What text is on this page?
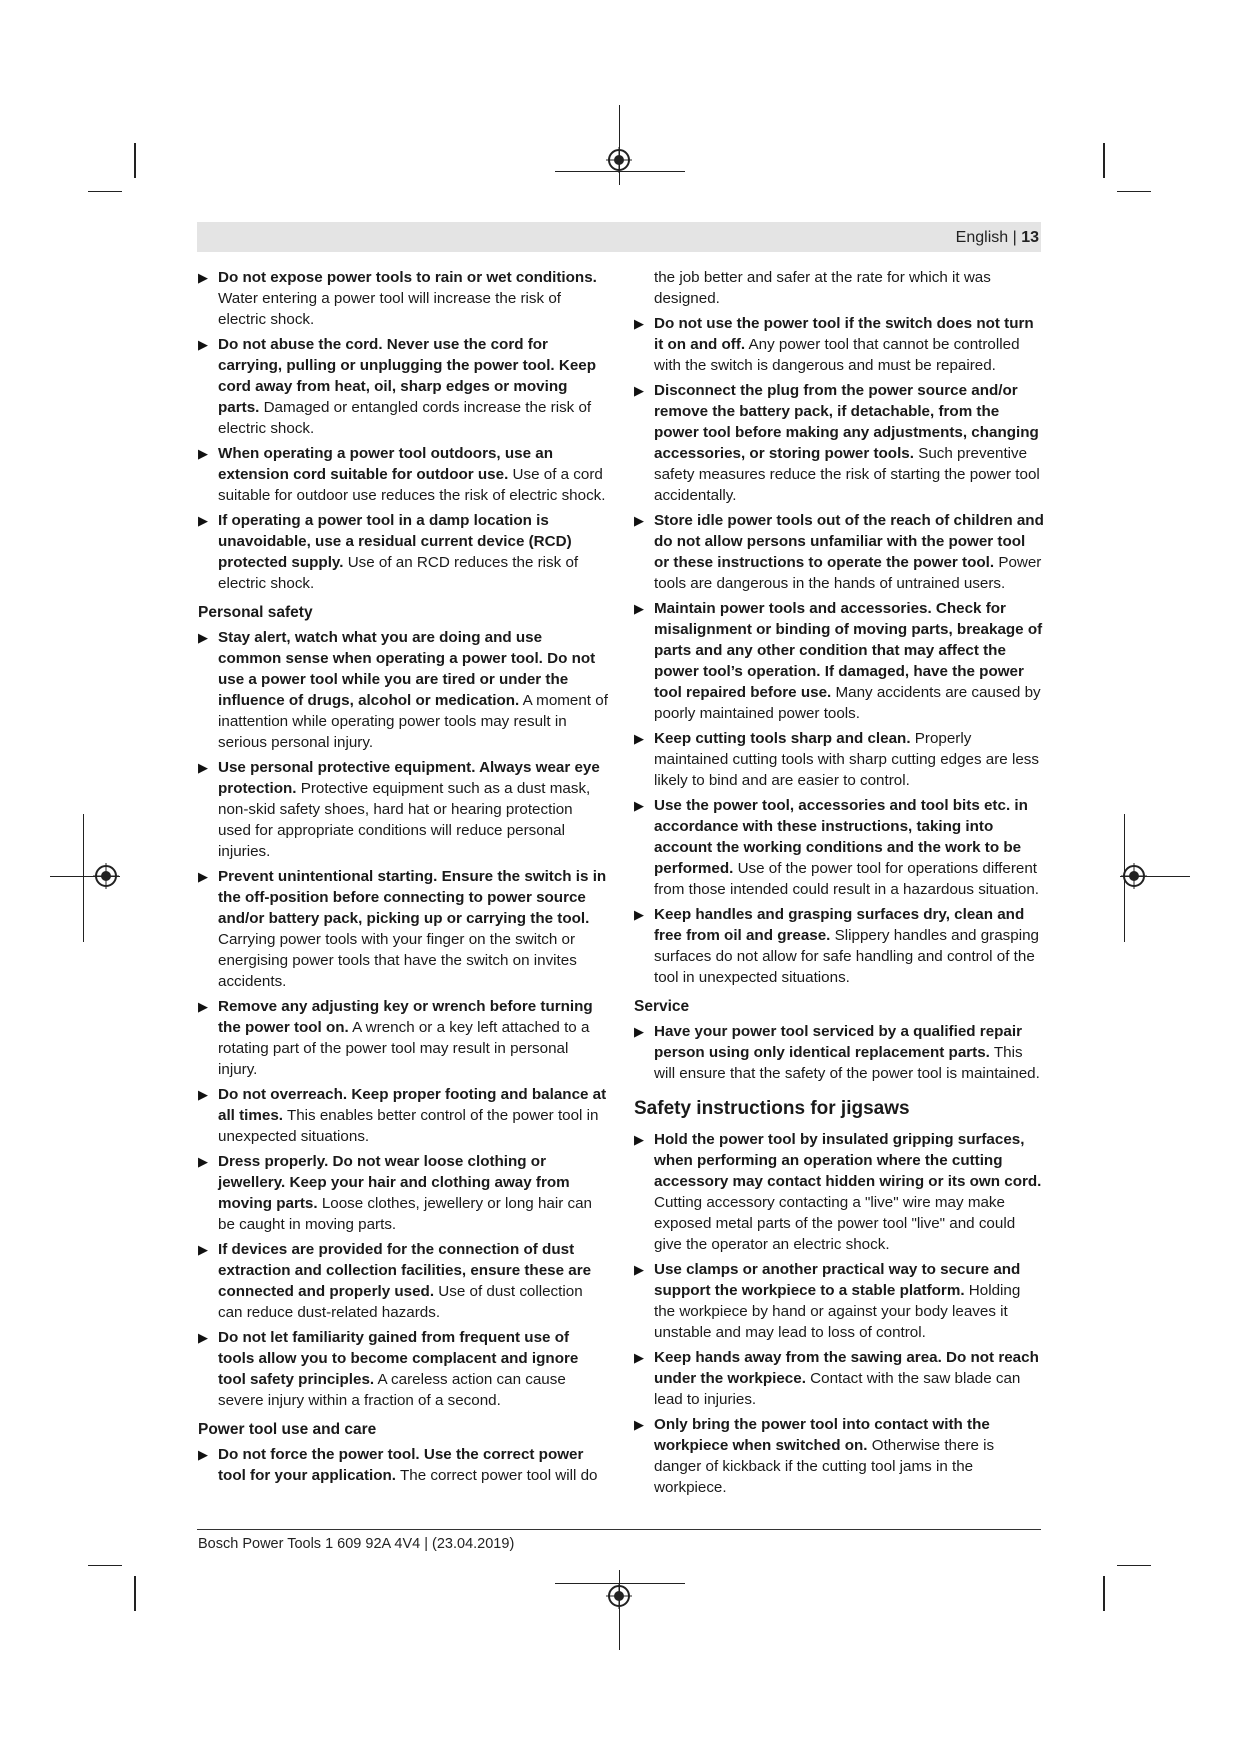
English | 13
▶ Do not expose power tools to rain or wet conditions. Water entering a power tool will increase the risk of electric shock.

▶ Do not abuse the cord. Never use the cord for carrying, pulling or unplugging the power tool. Keep cord away from heat, oil, sharp edges or moving parts. Damaged or entangled cords increase the risk of electric shock.

▶ When operating a power tool outdoors, use an extension cord suitable for outdoor use. Use of a cord suitable for outdoor use reduces the risk of electric shock.

▶ If operating a power tool in a damp location is unavoidable, use a residual current device (RCD) protected supply. Use of an RCD reduces the risk of electric shock.

Personal safety
▶ Stay alert, watch what you are doing and use common sense when operating a power tool. Do not use a power tool while you are tired or under the influence of drugs, alcohol or medication. A moment of inattention while operating power tools may result in serious personal injury.

▶ Use personal protective equipment. Always wear eye protection. Protective equipment such as a dust mask, non-skid safety shoes, hard hat or hearing protection used for appropriate conditions will reduce personal injuries.

▶ Prevent unintentional starting. Ensure the switch is in the off-position before connecting to power source and/or battery pack, picking up or carrying the tool. Carrying power tools with your finger on the switch or energising power tools that have the switch on invites accidents.

▶ Remove any adjusting key or wrench before turning the power tool on. A wrench or a key left attached to a rotating part of the power tool may result in personal injury.

▶ Do not overreach. Keep proper footing and balance at all times. This enables better control of the power tool in unexpected situations.

▶ Dress properly. Do not wear loose clothing or jewellery. Keep your hair and clothing away from moving parts. Loose clothes, jewellery or long hair can be caught in moving parts.

▶ If devices are provided for the connection of dust extraction and collection facilities, ensure these are connected and properly used. Use of dust collection can reduce dust-related hazards.

▶ Do not let familiarity gained from frequent use of tools allow you to become complacent and ignore tool safety principles. A careless action can cause severe injury within a fraction of a second.

Power tool use and care
▶ Do not force the power tool. Use the correct power tool for your application. The correct power tool will do

the job better and safer at the rate for which it was designed.
▶ Do not use the power tool if the switch does not turn it on and off. Any power tool that cannot be controlled with the switch is dangerous and must be repaired.

▶ Disconnect the plug from the power source and/or remove the battery pack, if detachable, from the power tool before making any adjustments, changing accessories, or storing power tools. Such preventive safety measures reduce the risk of starting the power tool accidentally.

▶ Store idle power tools out of the reach of children and do not allow persons unfamiliar with the power tool or these instructions to operate the power tool. Power tools are dangerous in the hands of untrained users.

▶ Maintain power tools and accessories. Check for misalignment or binding of moving parts, breakage of parts and any other condition that may affect the power tool’s operation. If damaged, have the power tool repaired before use. Many accidents are caused by poorly maintained power tools.

▶ Keep cutting tools sharp and clean. Properly maintained cutting tools with sharp cutting edges are less likely to bind and are easier to control.

▶ Use the power tool, accessories and tool bits etc. in accordance with these instructions, taking into account the working conditions and the work to be performed. Use of the power tool for operations different from those intended could result in a hazardous situation.

▶ Keep handles and grasping surfaces dry, clean and free from oil and grease. Slippery handles and grasping surfaces do not allow for safe handling and control of the tool in unexpected situations.

Service
▶ Have your power tool serviced by a qualified repair person using only identical replacement parts. This will ensure that the safety of the power tool is maintained.

Safety instructions for jigsaws
▶ Hold the power tool by insulated gripping surfaces, when performing an operation where the cutting accessory may contact hidden wiring or its own cord. Cutting accessory contacting a "live" wire may make exposed metal parts of the power tool "live" and could give the operator an electric shock.

▶ Use clamps or another practical way to secure and support the workpiece to a stable platform. Holding the workpiece by hand or against your body leaves it unstable and may lead to loss of control.

▶ Keep hands away from the sawing area. Do not reach under the workpiece. Contact with the saw blade can lead to injuries.

▶ Only bring the power tool into contact with the workpiece when switched on. Otherwise there is danger of kickback if the cutting tool jams in the workpiece.

Bosch Power Tools 1 609 92A 4V4 | (23.04.2019)
